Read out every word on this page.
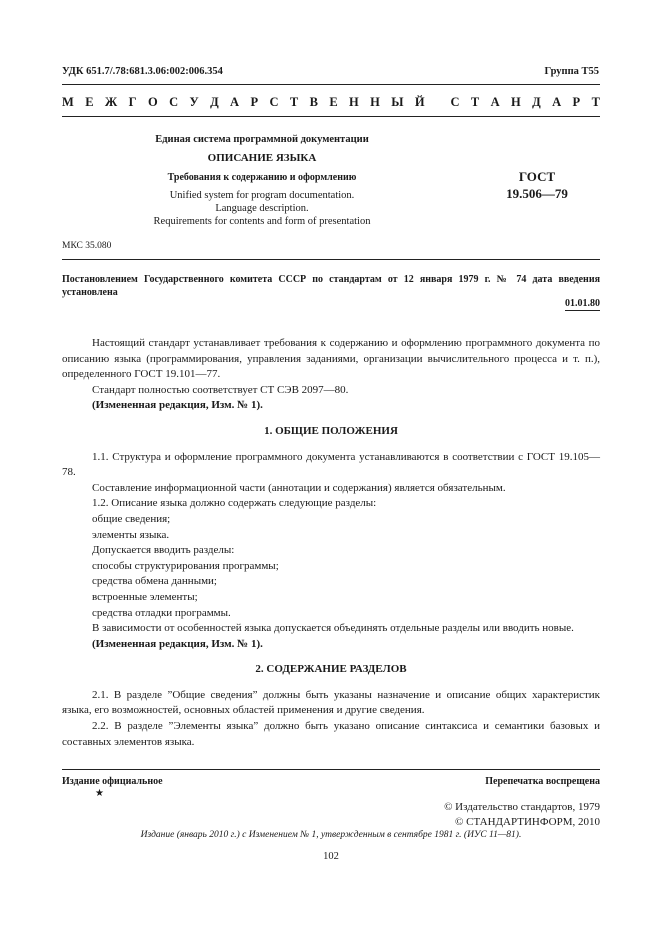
УДК 651.7/.78:681.3.06:002:006.354	Группа Т55
М Е Ж Г О С У Д А Р С Т В Е Н Н Ы Й
С Т А Н Д А Р Т
Единая система программной документации
ОПИСАНИЕ ЯЗЫКА
Требования к содержанию и оформлению
Unified system for program documentation.
Language description.
Requirements for contents and form of presentation
ГОСТ
19.506—79
МКС 35.080
Постановлением Государственного комитета СССР по стандартам от 12 января 1979 г. № 74 дата введения установлена
01.01.80

Настоящий стандарт устанавливает требования к содержанию и оформлению программного документа по описанию языка (программирования, управления заданиями, организации вычислительного процесса и т. п.), определенного ГОСТ 19.101—77.

Стандарт полностью соответствует СТ СЭВ 2097—80.

(Измененная редакция, Изм. № 1).

1. ОБЩИЕ ПОЛОЖЕНИЯ

1.1. Структура и оформление программного документа устанавливаются в соответствии с ГОСТ 19.105—78.

Составление информационной части (аннотации и содержания) является обязательным.

1.2. Описание языка должно содержать следующие разделы:

общие сведения;

элементы языка.

Допускается вводить разделы:

способы структурирования программы;

средства обмена данными;

встроенные элементы;

средства отладки программы.

В зависимости от особенностей языка допускается объединять отдельные разделы или вводить новые.

(Измененная редакция, Изм. № 1).

2. СОДЕРЖАНИЕ РАЗДЕЛОВ

2.1. В разделе ”Общие сведения” должны быть указаны назначение и описание общих характеристик языка, его возможностей, основных областей применения и другие сведения.

2.2. В разделе ”Элементы языка” должно быть указано описание синтаксиса и семантики базовых и составных элементов языка.

Издание официальное
★
Перепечатка воспрещена
© Издательство стандартов, 1979
© СТАНДАРТИНФОРМ, 2010
Издание (январь 2010 г.) с Изменением № 1, утвержденным в сентябре 1981 г. (ИУС 11—81).
102
